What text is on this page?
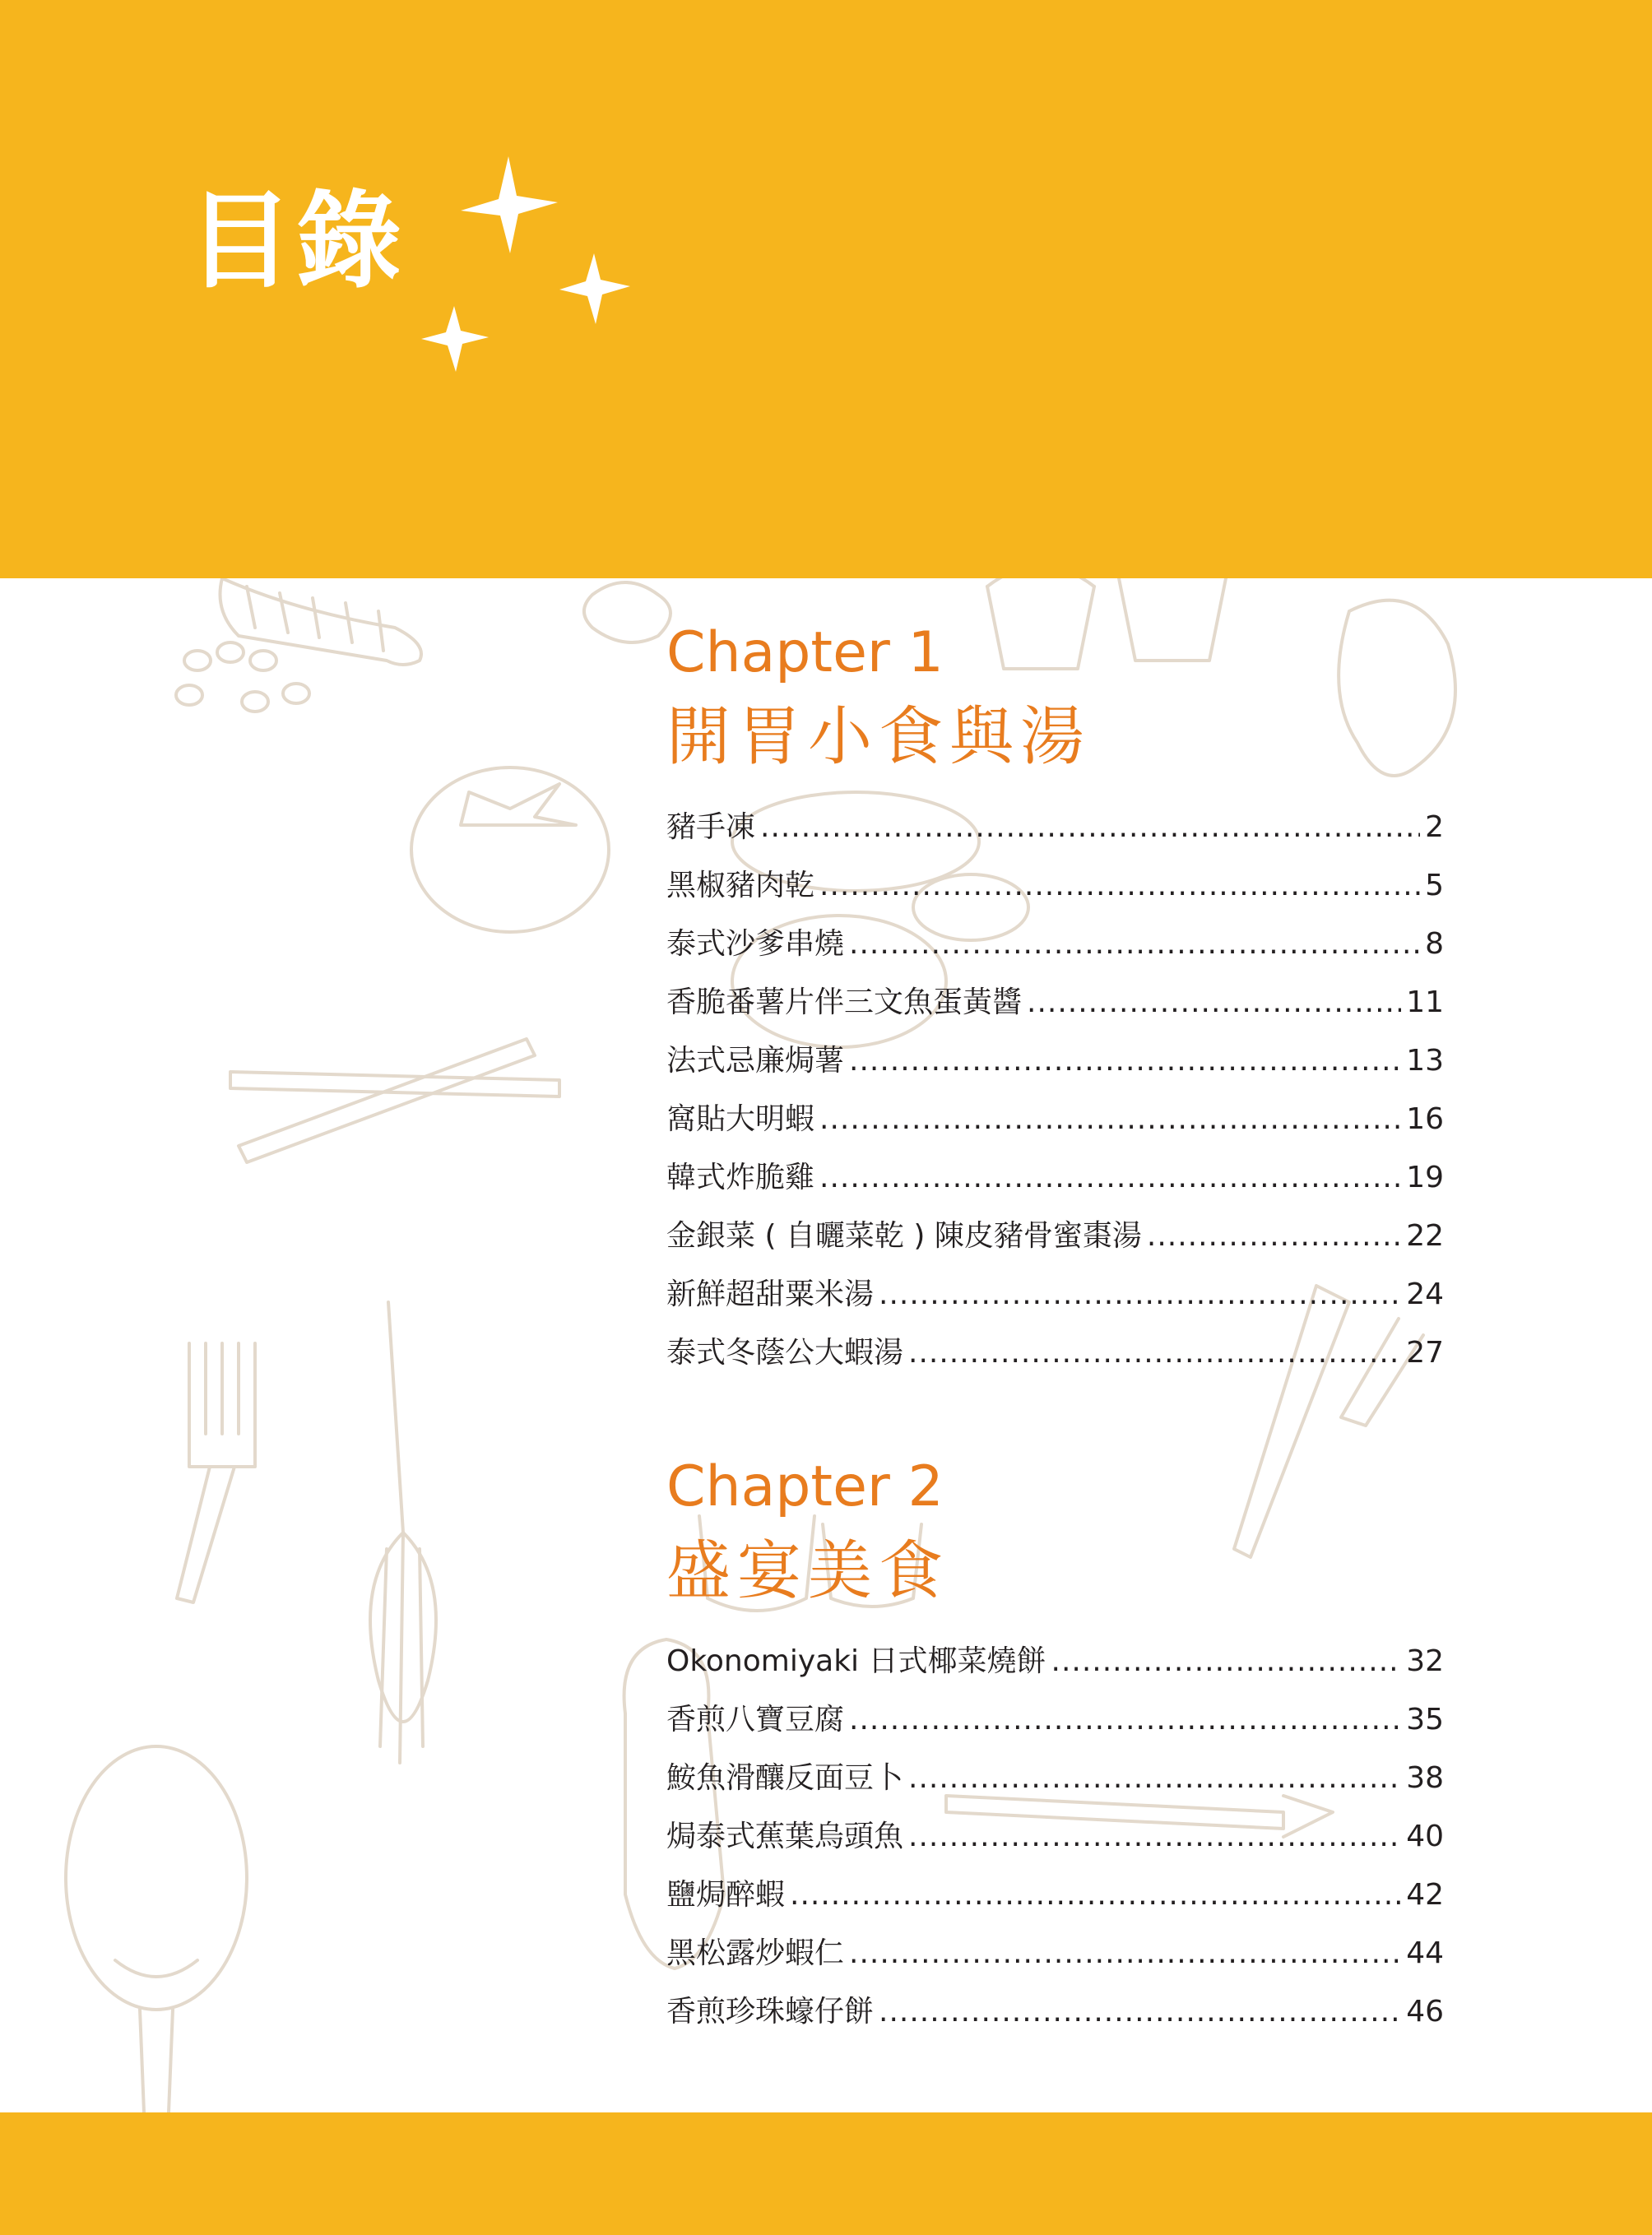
目錄
Chapter 1
開胃小食與湯
豬手凍 .....	2
黑椒豬肉乾 .....	5
泰式沙爹串燒 .....	8
香脆番薯片伴三文魚蛋黃醬 .....	11
法式忌廉焗薯 .....	13
窩貼大明蝦 .....	16
韓式炸脆雞 .....	19
金銀菜 ( 自曬菜乾 ) 陳皮豬骨蜜棗湯 .....	22
新鮮超甜粟米湯 .....	24
泰式冬蔭公大蝦湯 .....	27
Chapter 2
盛宴美食
Okonomiyaki 日式椰菜燒餅 .....	32
香煎八寶豆腐 .....	35
鮟魚滑釀反面豆卜 .....	38
焗泰式蕉葉烏頭魚 .....	40
鹽焗醉蝦 .....	42
黑松露炒蝦仁 .....	44
香煎珍珠蠔仔餅 .....	46
